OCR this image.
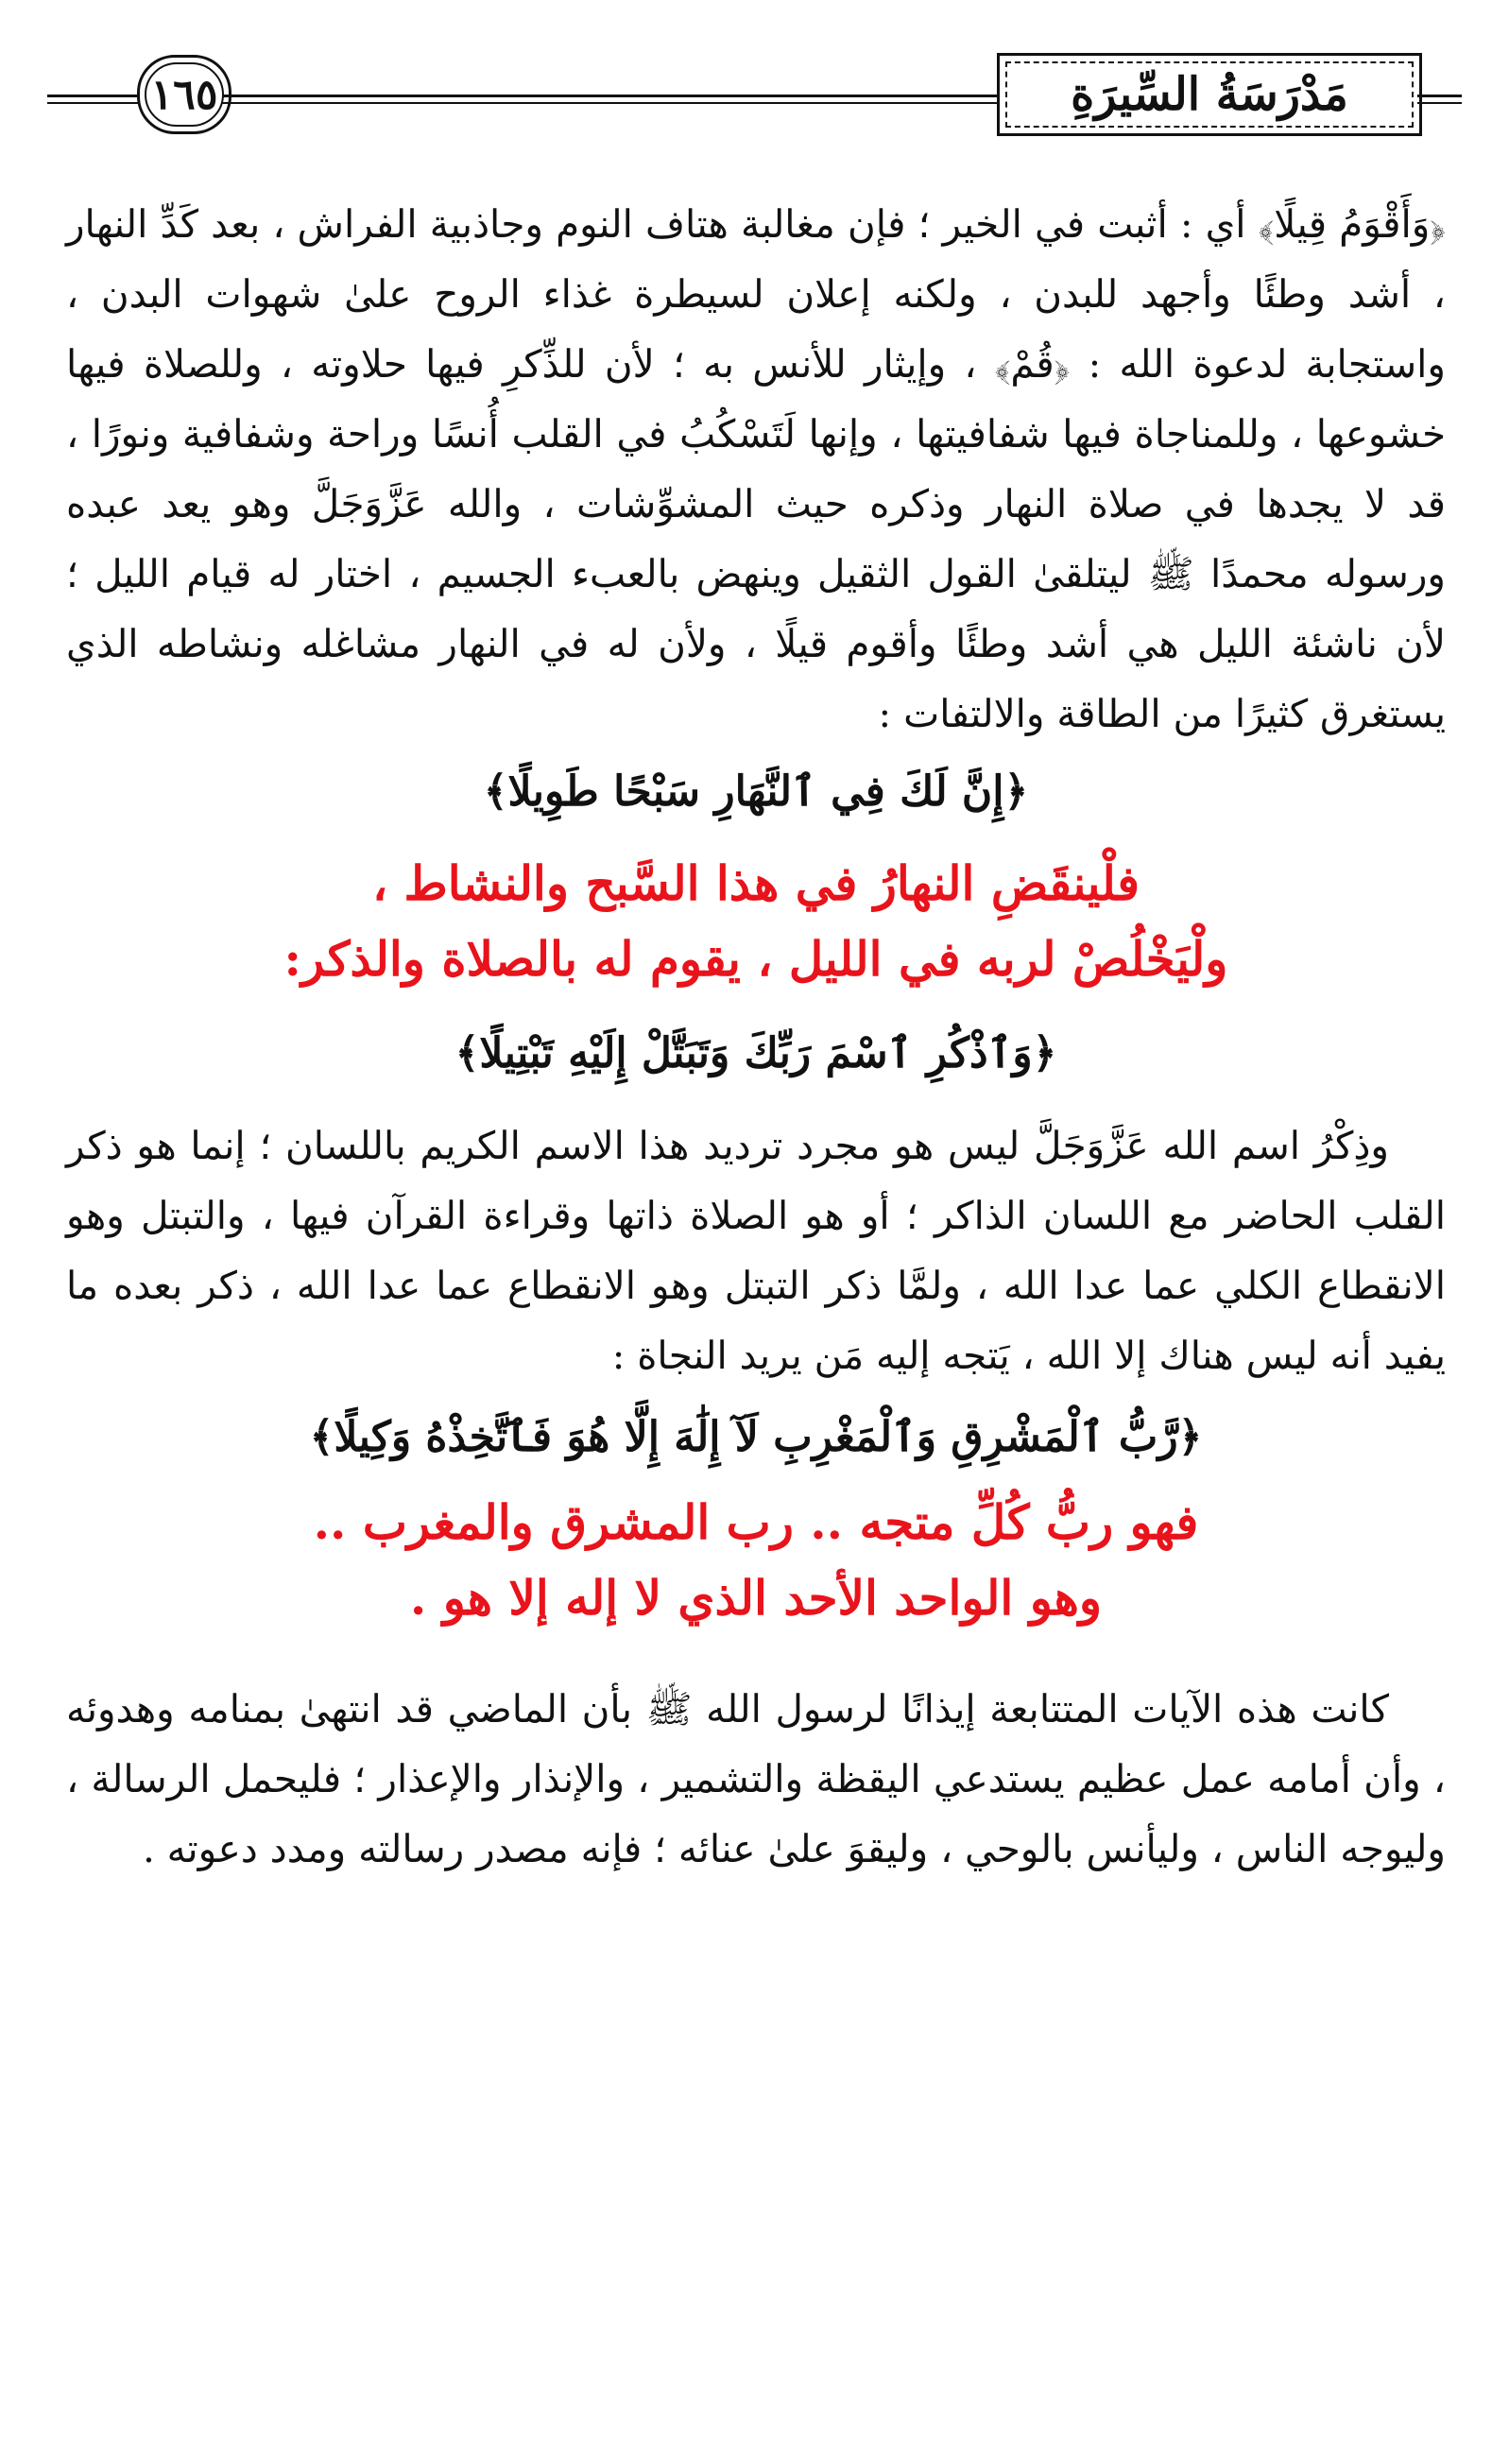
١٦٥	مَدْرَسَةُ السِّيرَةِ

﴿وَأَقْوَمُ قِيلًا﴾ أي : أثبت في الخير ؛ فإن مغالبة هتاف النوم وجاذبية الفراش ، بعد كَدِّ النهار ، أشد وطئًا وأجهد للبدن ، ولكنه إعلان لسيطرة غذاء الروح علىٰ شهوات البدن ، واستجابة لدعوة الله : ﴿قُمْ﴾ ، وإيثار للأنس به ؛ لأن للذِّكرِ فيها حلاوته ، وللصلاة فيها خشوعها ، وللمناجاة فيها شفافيتها ، وإنها لَتَسْكُبُ في القلب أُنسًا وراحة وشفافية ونورًا ، قد لا يجدها في صلاة النهار وذكره حيث المشوِّشات ، والله عَزَّوَجَلَّ وهو يعد عبده ورسوله محمدًا ﷺ ليتلقىٰ القول الثقيل وينهض بالعبء الجسيم ، اختار له قيام الليل ؛ لأن ناشئة الليل هي أشد وطئًا وأقوم قيلًا ، ولأن له في النهار مشاغله ونشاطه الذي يستغرق كثيرًا من الطاقة والالتفات :

﴿إِنَّ لَكَ فِي ٱلنَّهَارِ سَبْحًا طَوِيلًا﴾

فلْينقَضِ النهارُ في هذا السَّبح والنشاط ،

ولْيَخْلُصْ لربه في الليل ، يقوم له بالصلاة والذكر:

﴿وَٱذْكُرِ ٱسْمَ رَبِّكَ وَتَبَتَّلْ إِلَيْهِ تَبْتِيلًا﴾

وذِكْرُ اسم الله عَزَّوَجَلَّ ليس هو مجرد ترديد هذا الاسم الكريم باللسان ؛ إنما هو ذكر القلب الحاضر مع اللسان الذاكر ؛ أو هو الصلاة ذاتها وقراءة القرآن فيها ، والتبتل وهو الانقطاع الكلي عما عدا الله ، ولمَّا ذكر التبتل وهو الانقطاع عما عدا الله ، ذكر بعده ما يفيد أنه ليس هناك إلا الله ، يَتجه إليه مَن يريد النجاة :

﴿رَّبُّ ٱلْمَشْرِقِ وَٱلْمَغْرِبِ لَآ إِلَٰهَ إِلَّا هُوَ فَٱتَّخِذْهُ وَكِيلًا﴾

فهو ربُّ كُلِّ متجه .. رب المشرق والمغرب ..

وهو الواحد الأحد الذي لا إله إلا هو .

كانت هذه الآيات المتتابعة إيذانًا لرسول الله ﷺ بأن الماضي قد انتهىٰ بمنامه وهدوئه ، وأن أمامه عمل عظيم يستدعي اليقظة والتشمير ، والإنذار والإعذار ؛ فليحمل الرسالة ، وليوجه الناس ، وليأنس بالوحي ، وليقوَ علىٰ عنائه ؛ فإنه مصدر رسالته ومدد دعوته .
